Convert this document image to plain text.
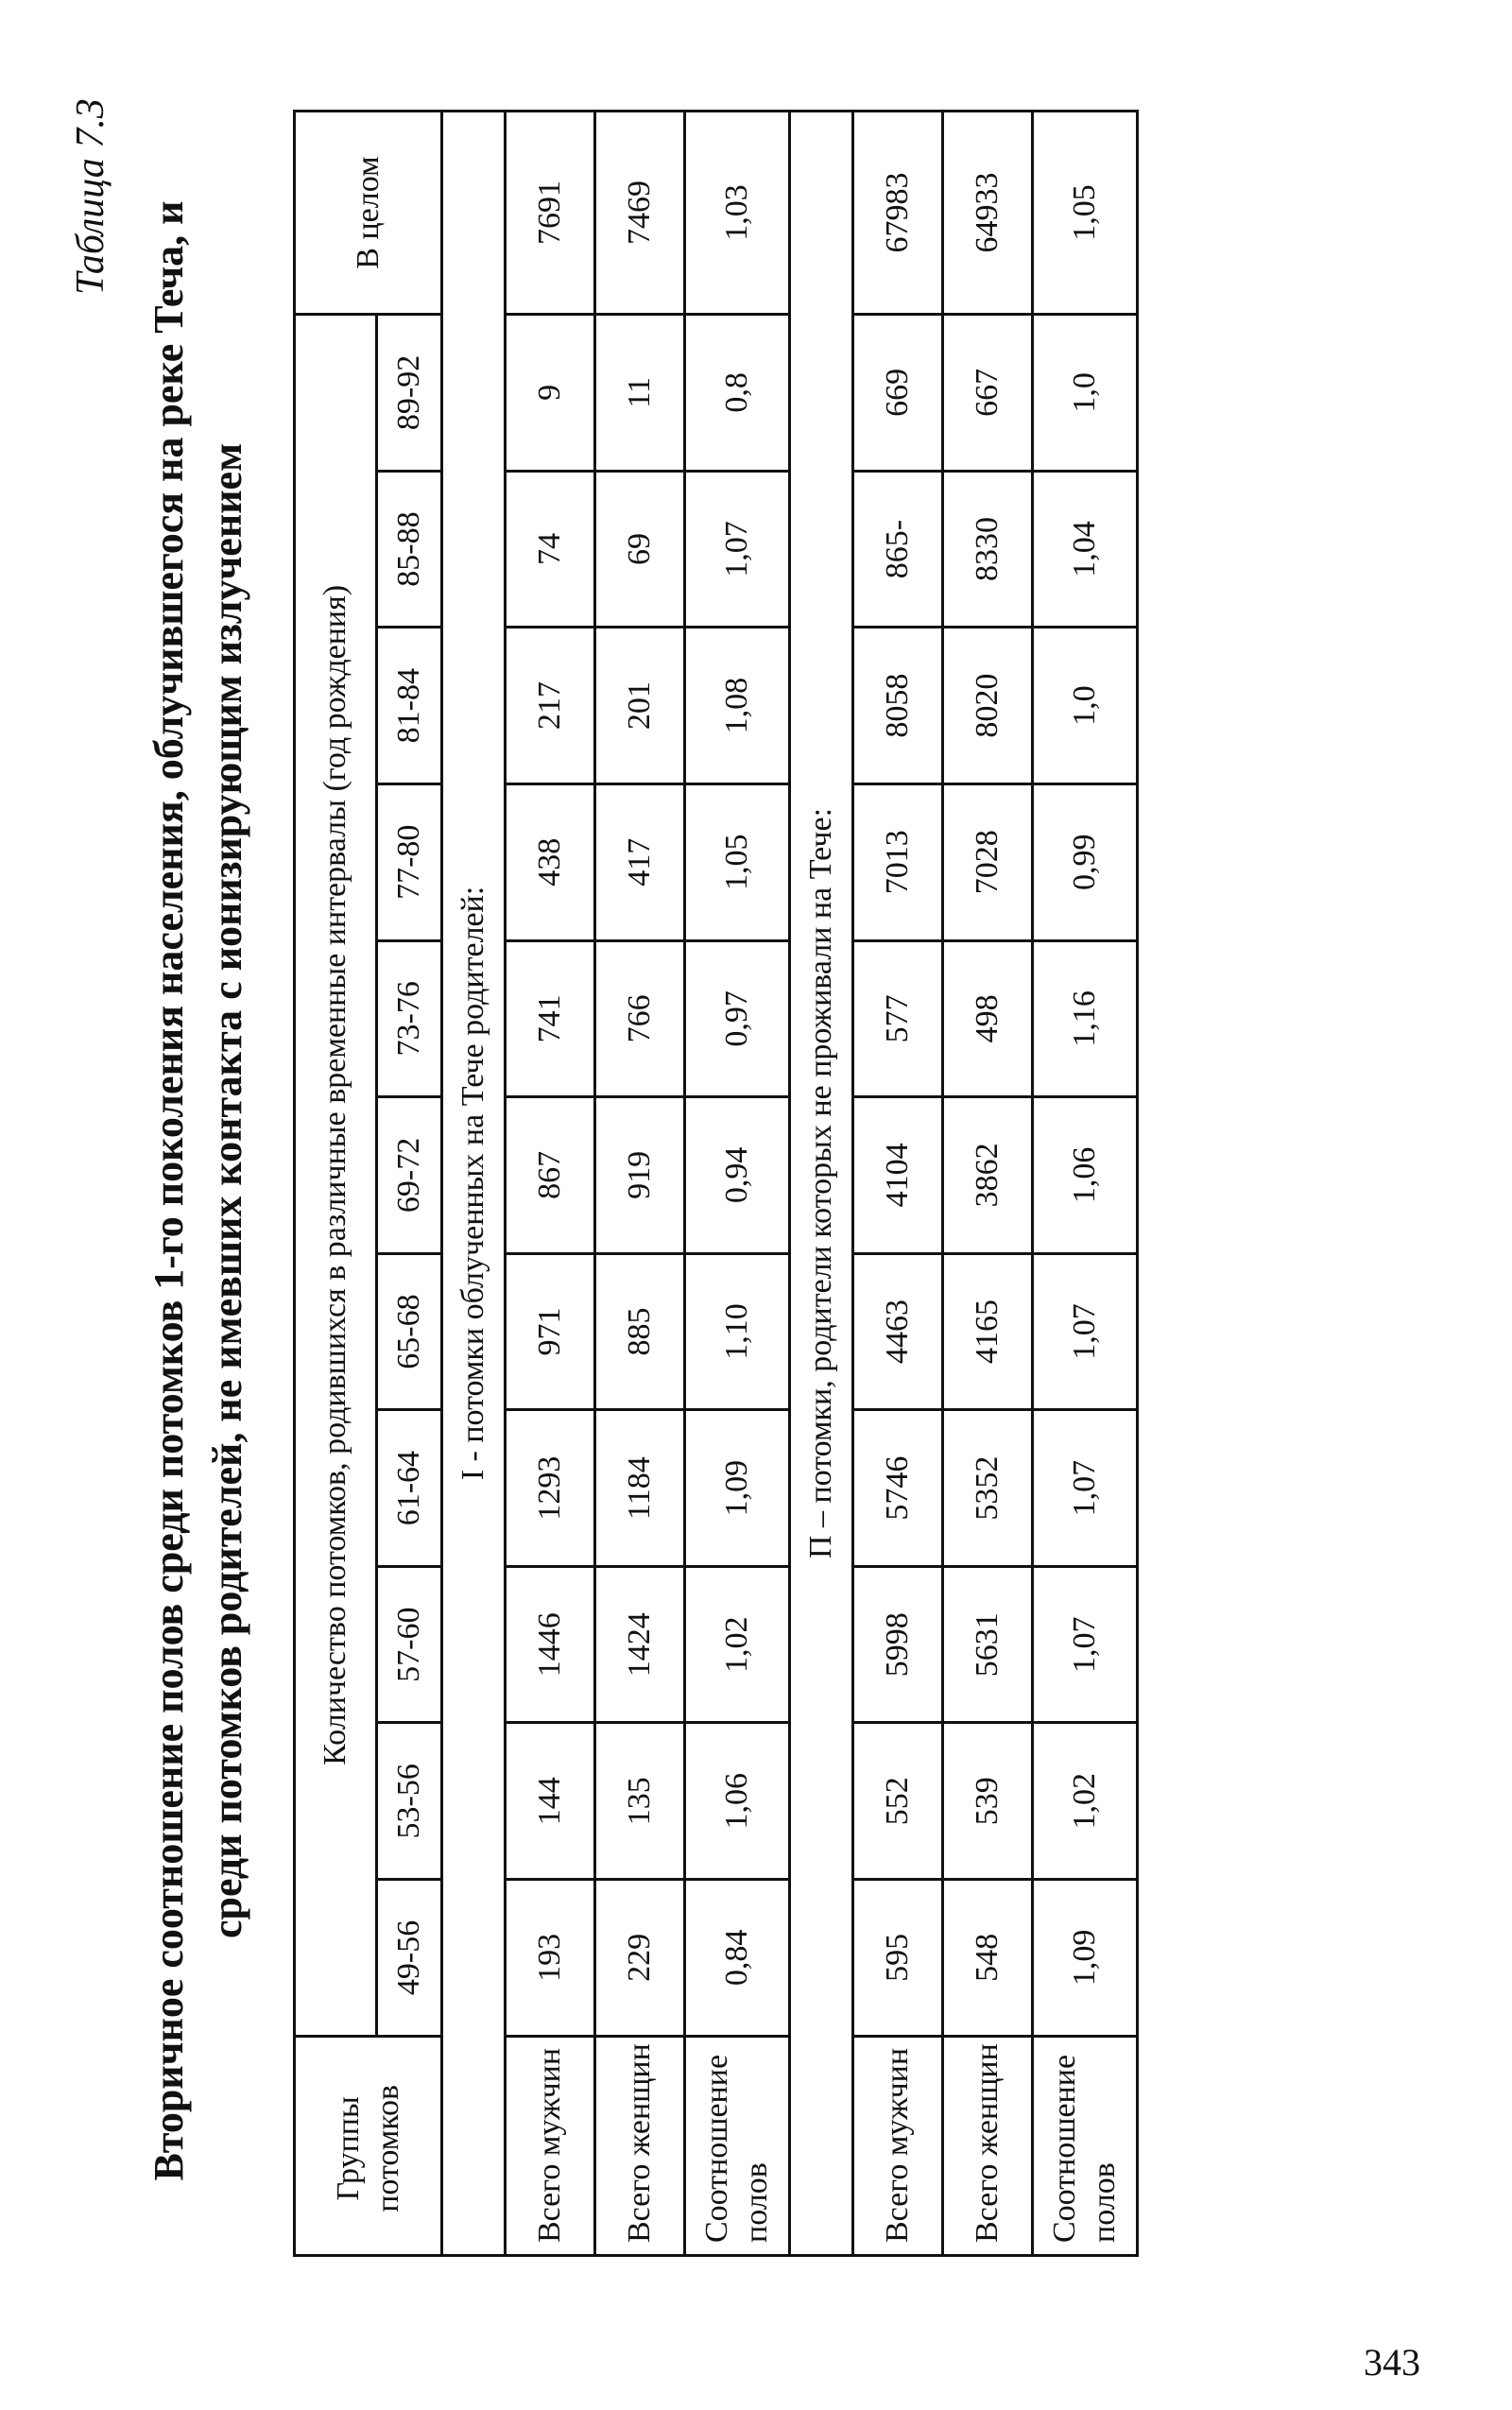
Таблица 7.3
Вторичное соотношение полов среди потомков 1-го поколения населения, облучившегося на реке Теча, и среди потомков родителей, не имевших контакта с ионизирующим излучением
Группы потомков	Количество потомков, родившихся в различные временные интервалы (год рождения)											В целом
	49-56	53-56	57-60	61-64	65-68	69-72	73-76	77-80	81-84	85-88	89-92	
I - потомки облученных на Тече родителей:												
Всего мужчин	193	144	1446	1293	971	867	741	438	217	74	9	7691
Всего женщин	229	135	1424	1184	885	919	766	417	201	69	11	7469
Соотношение полов	0,84	1,06	1,02	1,09	1,10	0,94	0,97	1,05	1,08	1,07	0,8	1,03
П – потомки, родители которых не проживали на Тече:												
Всего мужчин	595	552	5998	5746	4463	4104	577	7013	8058	865-	669	67983
Всего женщин	548	539	5631	5352	4165	3862	498	7028	8020	8330	667	64933
Соотношение полов	1,09	1,02	1,07	1,07	1,07	1,06	1,16	0,99	1,0	1,04	1,0	1,05
343
